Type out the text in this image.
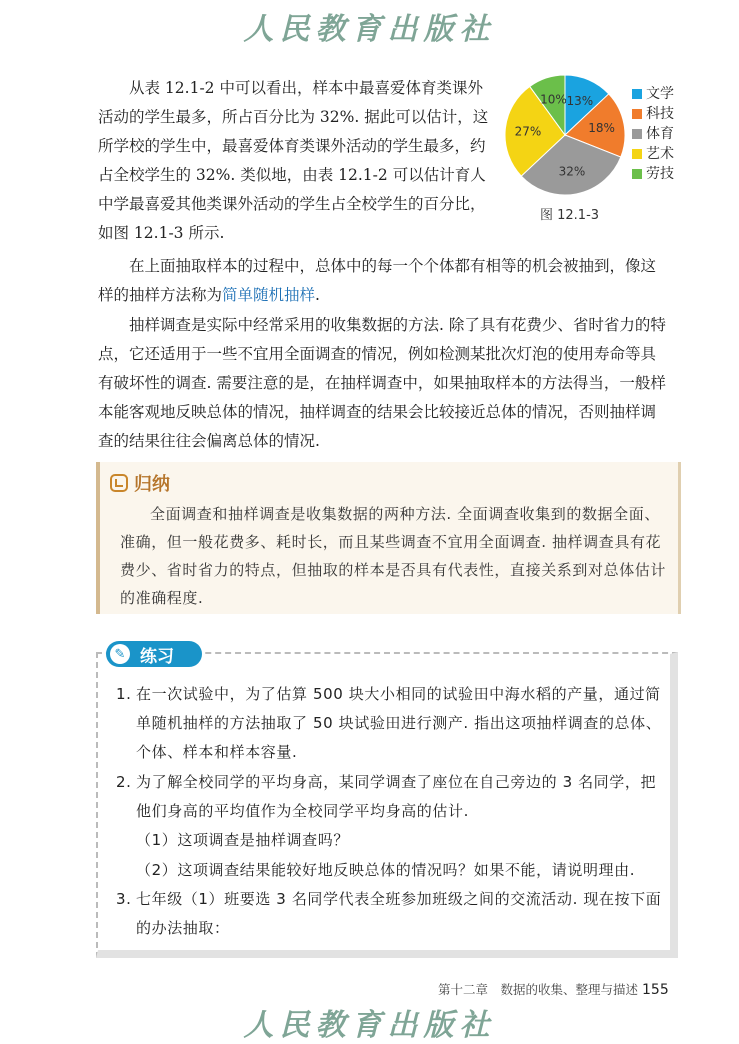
人民教育出版社

从表 12.1-2 中可以看出，样本中最喜爱体育类课外活动的学生最多，所占百分比为 32%. 据此可以估计，这所学校的学生中，最喜爱体育类课外活动的学生最多，约占全校学生的 32%. 类似地，由表 12.1-2 可以估计育人中学最喜爱其他类课外活动的学生占全校学生的百分比，如图 12.1-3 所示.

13%
18%
32%
27%
10%	文学
科技
体育
艺术
劳技
图 12.1-3

在上面抽取样本的过程中，总体中的每一个个体都有相等的机会被抽到，像这样的抽样方法称为简单随机抽样.

抽样调查是实际中经常采用的收集数据的方法. 除了具有花费少、省时省力的特点，它还适用于一些不宜用全面调查的情况，例如检测某批次灯泡的使用寿命等具有破坏性的调查. 需要注意的是，在抽样调查中，如果抽取样本的方法得当，一般样本能客观地反映总体的情况，抽样调查的结果会比较接近总体的情况，否则抽样调查的结果往往会偏离总体的情况.

归纳

全面调查和抽样调查是收集数据的两种方法. 全面调查收集到的数据全面、准确，但一般花费多、耗时长，而且某些调查不宜用全面调查. 抽样调查具有花费少、省时省力的特点，但抽取的样本是否具有代表性，直接关系到对总体估计的准确程度.

✎ 练习

1. 在一次试验中，为了估算 500 块大小相同的试验田中海水稻的产量，通过简单随机抽样的方法抽取了 50 块试验田进行测产. 指出这项抽样调查的总体、个体、样本和样本容量.

2. 为了解全校同学的平均身高，某同学调查了座位在自己旁边的 3 名同学，把他们身高的平均值作为全校同学平均身高的估计.

（1）这项调查是抽样调查吗？

（2）这项调查结果能较好地反映总体的情况吗？如果不能，请说明理由.

3. 七年级（1）班要选 3 名同学代表全班参加班级之间的交流活动. 现在按下面的办法抽取：

第十二章　数据的收集、整理与描述 155
人民教育出版社
